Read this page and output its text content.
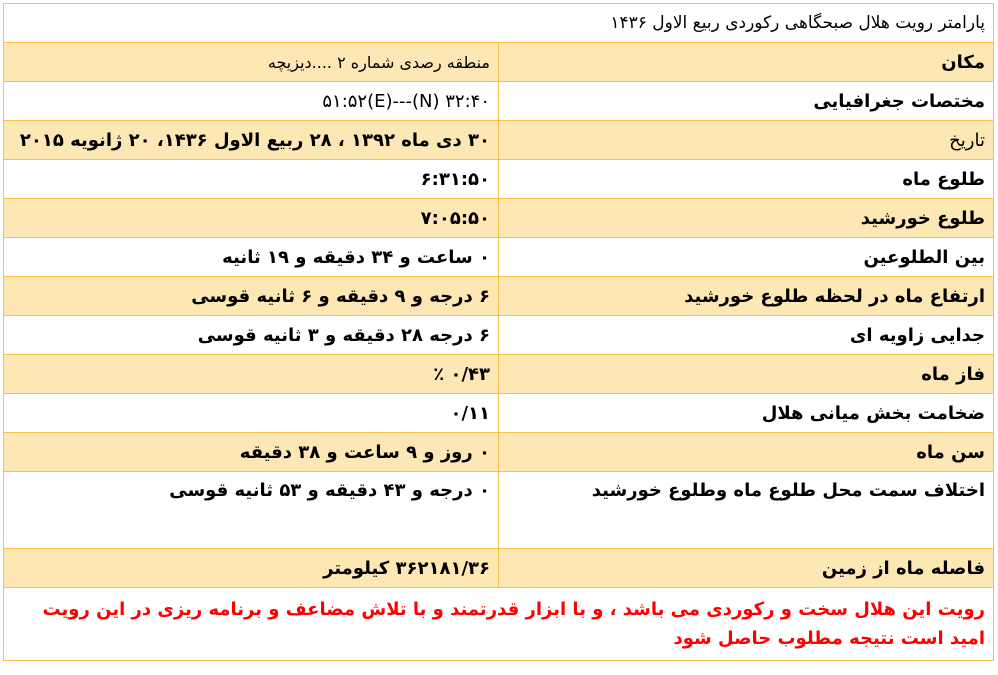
پارامتر رویت هلال صبحگاهی رکوردی ربیع الاول ۱۴۳۶	
مکان	منطقه رصدی شماره ۲ ....دیزیچه
مختصات جغرافیایی	۳۲:۴۰ (N)---۵۱:۵۲(E)
تاریخ	۳۰ دی ماه ۱۳۹۲ ، ۲۸ ربیع الاول ۱۴۳۶، ۲۰ ژانویه ۲۰۱۵
طلوع ماه	۶:۳۱:۵۰
طلوع خورشید	۷:۰۵:۵۰
بین الطلوعین	۰ ساعت و ۳۴ دقیقه و ۱۹ ثانیه
ارتفاع ماه در لحظه طلوع خورشید	۶ درجه و ۹ دقیقه و ۶ ثانیه قوسی
جدایی زاویه ای	۶ درجه ۲۸ دقیقه و ۳ ثانیه قوسی
فاز ماه	۰/۴۳ ٪
ضخامت بخش میانی هلال	۰/۱۱
سن ماه	۰ روز و ۹ ساعت و ۳۸ دقیقه
اختلاف سمت محل طلوع ماه وطلوع خورشید	۰ درجه و ۴۳ دقیقه و ۵۳ ثانیه قوسی
فاصله ماه از زمین	۳۶۲۱۸۱/۳۶ کیلومتر
رویت این هلال سخت و رکوردی می باشد ، و با ابزار قدرتمند و با تلاش مضاعف و برنامه ریزی در این رویت امید است نتیجه مطلوب حاصل شود	
